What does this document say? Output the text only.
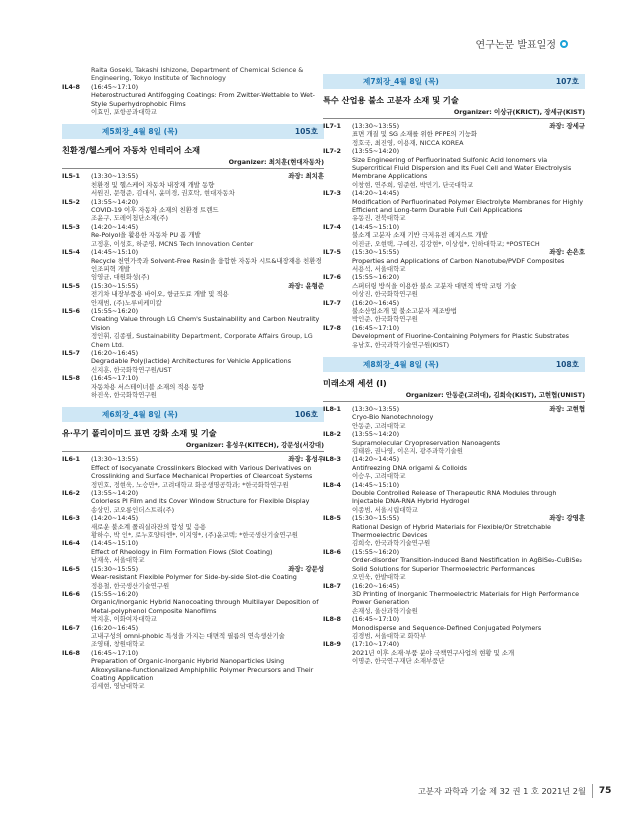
연구논문 발표일정
Raita Goseki, Takashi Ishizone, Department of Chemical Science & Engineering, Tokyo Institute of Technology
IL4-8	(16:45~17:10)
Heterostructured Antifogging Coatings: From Zwitter-Wettable to Wet-Style Superhydrophobic Films
이효민, 포항공과대학교
제5회장_4월 8일 (목)	105호
친환경/헬스케어 자동차 인테리어 소재
Organizer: 최치훈(현대자동차)
IL5-1	(13:30~13:55)	좌장: 최치훈
친환경 및 헬스케어 자동차 내장재 개발 동향
서원진, 문형준, 김대식, 윤미경, 권호탁, 현대자동차
IL5-2	(13:55~14:20)
COVID-19 이후 자동차 소재의 친환경 트렌드
조윤구, 도레이첨단소재(주)
IL5-3	(14:20~14:45)
Re-Polyol을 활용한 자동차 PU 폼 개발
고정훈, 이성호, 하준영, MCNS Tech Innovation Center
IL5-4	(14:45~15:10)
Recycle 천연가죽과 Solvent-Free Resin을 융합한 자동차 시트&내장재용 친환경 인조피혁 개발
임영균, 대원화성(주)
IL5-5	(15:30~15:55)	좌장: 윤형준
전기차 내장부품용 바이오, 항균도료 개발 및 적용
안재범, (주)노루비케미칼
IL5-6	(15:55~16:20)
Creating Value through LG Chem's Sustainability and Carbon Neutrality Vision
정인휘, 김종필, Sustainability Department, Corporate Affairs Group, LG Chem Ltd.
IL5-7	(16:20~16:45)
Degradable Poly(lactide) Architectures for Vehicle Applications
신지훈, 한국화학연구원/UST
IL5-8	(16:45~17:10)
자동차용 서스테이너블 소재의 적용 동향
하진욱, 한국화학연구원
제6회장_4월 8일 (목)	106호
유·무기 폴리이미드 표면 강화 소재 및 기술
Organizer: 홍성우(KITECH), 강문성(서강대)
IL6-1	(13:30~13:55)	좌장: 홍성우
Effect of Isocyanate Crosslinkers Blocked with Various Derivatives on Crosslinking and Surface Mechanical Properties of Clearcoat Systems
정민호, 정현욱, 노승만*, 고려대학교 화공생명공학과; *한국화학연구원
IL6-2	(13:55~14:20)
Colorless PI Film and Its Cover Window Structure for Flexible Display
송상민, 코오롱인더스트리(주)
IL6-3	(14:20~14:45)
새로운 불소계 폴리실라잔의 합성 및 응용
황하수, 박 인*, 로누호양티엔*, 이지영*, (주)윤코텍; *한국생산기술연구원
IL6-4	(14:45~15:10)
Effect of Rheology in Film Formation Flows (Slot Coating)
남재욱, 서울대학교
IL6-5	(15:30~15:55)	좌장: 강문성
Wear-resistant Flexible Polymer for Side-by-side Slot-die Coating
정용철, 한국생산기술연구원
IL6-6	(15:55~16:20)
Organic/Inorganic Hybrid Nanocoating through Multilayer Deposition of Metal-polyphenol Composite Nanofilms
박지훈, 이화여자대학교
IL6-7	(16:20~16:45)
고내구성의 omni-phobic 특성을 가지는 대면적 필름의 연속생산기술
조영태, 창원대학교
IL6-8	(16:45~17:10)
Preparation of Organic-Inorganic Hybrid Nanoparticles Using Alkoxysilane-functionalized Amphiphilic Polymer Precursors and Their Coating Application
김세현, 영남대학교
제7회장_4월 8일 (목)	107호
특수 산업용 불소 고분자 소재 및 기술
Organizer: 이상규(KRICT), 장세규(KIST)
IL7-1	(13:30~13:55)	좌장: 장세규
표면 개질 및 SG 소재를 위한 PFPE의 기능화
정호국, 최진영, 이용재, NICCA KOREA
IL7-2	(13:55~14:20)
Size Engineering of Perfluorinated Sulfonic Acid Ionomers via Supercritical Fluid Dispersion and Its Fuel Cell and Water Electrolysis Membrane Applications
이창현, 연주희, 임준현, 박민기, 단국대학교
IL7-3	(14:20~14:45)
Modification of Perfluorinated Polymer Electrolyte Membranes for Highly Efficient and Long-term Durable Full Cell Applications
유동진, 전북대학교
IL7-4	(14:45~15:10)
불소계 고분자 소재 기반 극저유전 레지스트 개발
이진균, 오현택, 구예진, 김강현*, 이상섭*, 인하대학교; *POSTECH
IL7-5	(15:30~15:55)	좌장: 손은호
Properties and Applications of Carbon Nanotube/PVDF Composites
서용석, 서울대학교
IL7-6	(15:55~16:20)
스퍼터링 방식을 이용한 불소 고분자 대면적 박막 코팅 기술
이상진, 한국화학연구원
IL7-7	(16:20~16:45)
불소산업소개 및 불소고분자 제조방법
박인준, 한국화학연구원
IL7-8	(16:45~17:10)
Development of Fluorine-Containing Polymers for Plastic Substrates
유남호, 한국과학기술연구원(KIST)
제8회장_4월 8일 (목)	108호
미래소재 세션 (I)
Organizer: 안동준(고려대), 김희숙(KIST), 고현협(UNIST)
IL8-1	(13:30~13:55)	좌장: 고현협
Cryo-Bio Nanotechnology
안동준, 고려대학교
IL8-2	(13:55~14:20)
Supramolecular Cryopreservation Nanoagents
김태완, 권나영, 이은지, 광주과학기술원
IL8-3	(14:20~14:45)
Antifreezing DNA origami & Colloids
이승우, 고려대학교
IL8-4	(14:45~15:10)
Double Controlled Release of Therapeutic RNA Modules through Injectable DNA-RNA Hybrid Hydrogel
이종범, 서울시립대학교
IL8-5	(15:30~15:55)	좌장: 강영훈
Rational Design of Hybrid Materials for Flexible/Or Stretchable Thermoelectric Devices
김희숙, 한국과학기술연구원
IL8-6	(15:55~16:20)
Order-disorder Transition-induced Band Nestification in AgBiSe₂-CuBiSe₂ Solid Solutions for Superior Thermoelectric Performances
오민욱, 한밭대학교
IL8-7	(16:20~16:45)
3D Printing of Inorganic Thermoelectric Materials for High Performance Power Generation
손재성, 울산과학기술원
IL8-8	(16:45~17:10)
Monodisperse and Sequence-Defined Conjugated Polymers
김경범, 서울대학교 화학부
IL8-9	(17:10~17:40)
2021년 이후 소재·부품 분야 국책연구사업의 현황 및 소개
이명준, 한국연구재단 소재부품단
고분자 과학과 기술 제 32 권 1 호 2021년 2월 75
